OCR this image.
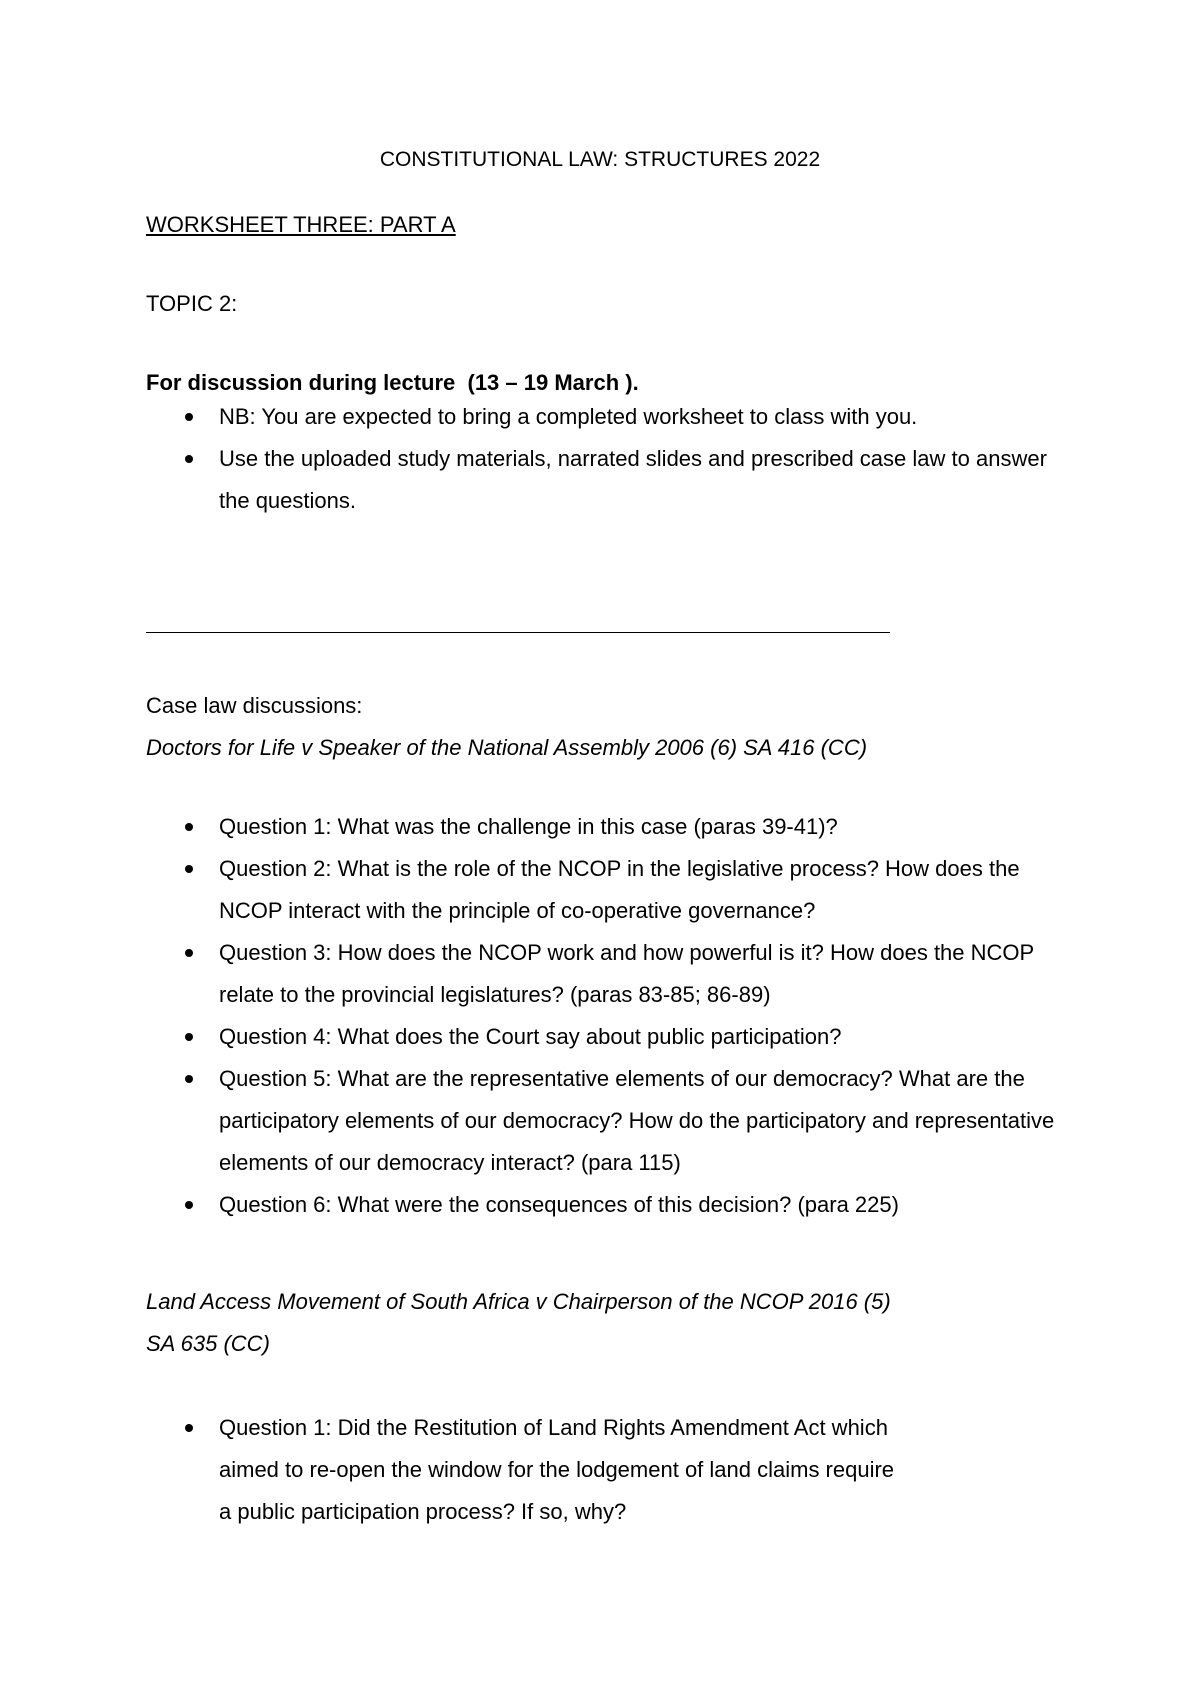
CONSTITUTIONAL LAW: STRUCTURES 2022
WORKSHEET THREE: PART A
TOPIC 2:
For discussion during lecture  (13 – 19 March ).
NB: You are expected to bring a completed worksheet to class with you.
Use the uploaded study materials, narrated slides and prescribed case law to answer the questions.
Case law discussions:
Doctors for Life v Speaker of the National Assembly 2006 (6) SA 416 (CC)
Question 1: What was the challenge in this case (paras 39-41)?
Question 2: What is the role of the NCOP in the legislative process? How does the NCOP interact with the principle of co-operative governance?
Question 3: How does the NCOP work and how powerful is it? How does the NCOP relate to the provincial legislatures? (paras 83-85; 86-89)
Question 4: What does the Court say about public participation?
Question 5: What are the representative elements of our democracy? What are the participatory elements of our democracy? How do the participatory and representative elements of our democracy interact? (para 115)
Question 6: What were the consequences of this decision? (para 225)
Land Access Movement of South Africa v Chairperson of the NCOP 2016 (5)
SA 635 (CC)
Question 1: Did the Restitution of Land Rights Amendment Act which aimed to re-open the window for the lodgement of land claims require a public participation process? If so, why?
